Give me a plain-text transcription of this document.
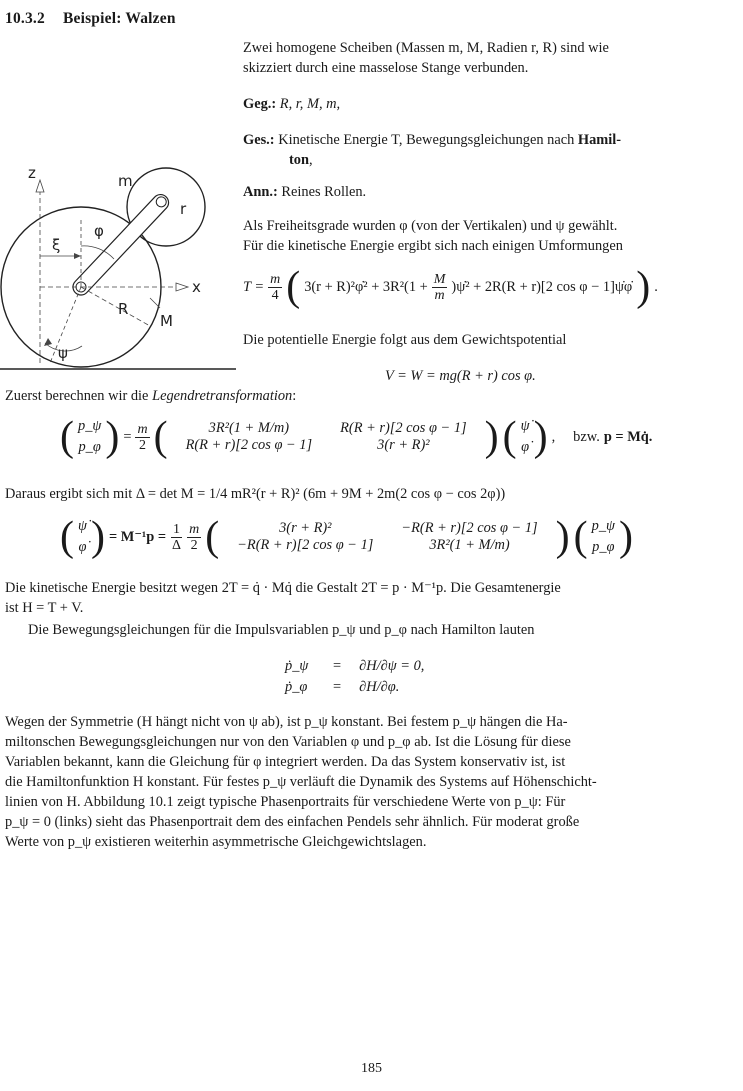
10.3.2 Beispiel: Walzen
z	m
r
φ
ξ
x
R
M
ψ
Zwei homogene Scheiben (Massen m, M, Radien r, R) sind wie
skizziert durch eine masselose Stange verbunden.
Geg.: R, r, M, m,
Ges.: Kinetische Energie T, Bewegungsgleichungen nach Hamil-
ton,
Ann.: Reines Rollen.
Als Freiheitsgrade wurden φ (von der Vertikalen) und ψ gewählt.
Für die kinetische Energie ergibt sich nach einigen Umformungen
$T = \frac{m}{4}$ ( 3(r + R)²φ̇² + $3R^2(1 + \frac{M}{m}$ )ψ̇² + 2R(R + r)[2 cos φ − 1]ψ̇φ̇ ) .
Die potentielle Energie folgt aus dem Gewichtspotential
V = W = mg(R + r) cos φ.
Zuerst berechnen wir die Legendretransformation:
( p_ψ
p_φ ) = $\frac{m}{2}$ (	3R²(1 + M/m)	R(R + r)[2 cos φ − 1]
R(R + r)[2 cos φ − 1]	3(r + R)² ) ( ψ̇
φ̇ ) ,     bzw. p = Mq̇.
Daraus ergibt sich mit Δ = det M = 1/4 mR²(r + R)² (6m + 9M + 2m(2 cos φ − cos 2φ))
( ψ̇
φ̇ ) = $M^{-1}p = \frac{1}{\Delta} \frac{m}{2}$ (	3(r + R)²	−R(R + r)[2 cos φ − 1]
−R(R + r)[2 cos φ − 1]	3R²(1 + M/m) ) ( p_ψ
p_φ )
Die kinetische Energie besitzt wegen 2T = q̇ · Mq̇ die Gestalt 2T = p · M⁻¹p. Die Gesamtenergie
ist H = T + V.
Die Bewegungsgleichungen für die Impulsvariablen p_ψ und p_φ nach Hamilton lauten
ṗ_ψ	= ∂H/∂ψ = 0,
ṗ_φ	= ∂H/∂φ.
Wegen der Symmetrie (H hängt nicht von ψ ab), ist p_ψ konstant. Bei festem p_ψ hängen die Ha-
miltonschen Bewegungsgleichungen nur von den Variablen φ und p_φ ab. Ist die Lösung für diese
Variablen bekannt, kann die Gleichung für φ integriert werden. Da das System konservativ ist, ist
die Hamiltonfunktion H konstant. Für festes p_ψ verläuft die Dynamik des Systems auf Höhenschicht-
linien von H. Abbildung 10.1 zeigt typische Phasenportraits für verschiedene Werte von p_ψ: Für
p_ψ = 0 (links) sieht das Phasenportrait dem des einfachen Pendels sehr ähnlich. Für moderat große
Werte von p_ψ existieren weiterhin asymmetrische Gleichgewichtslagen.
185
